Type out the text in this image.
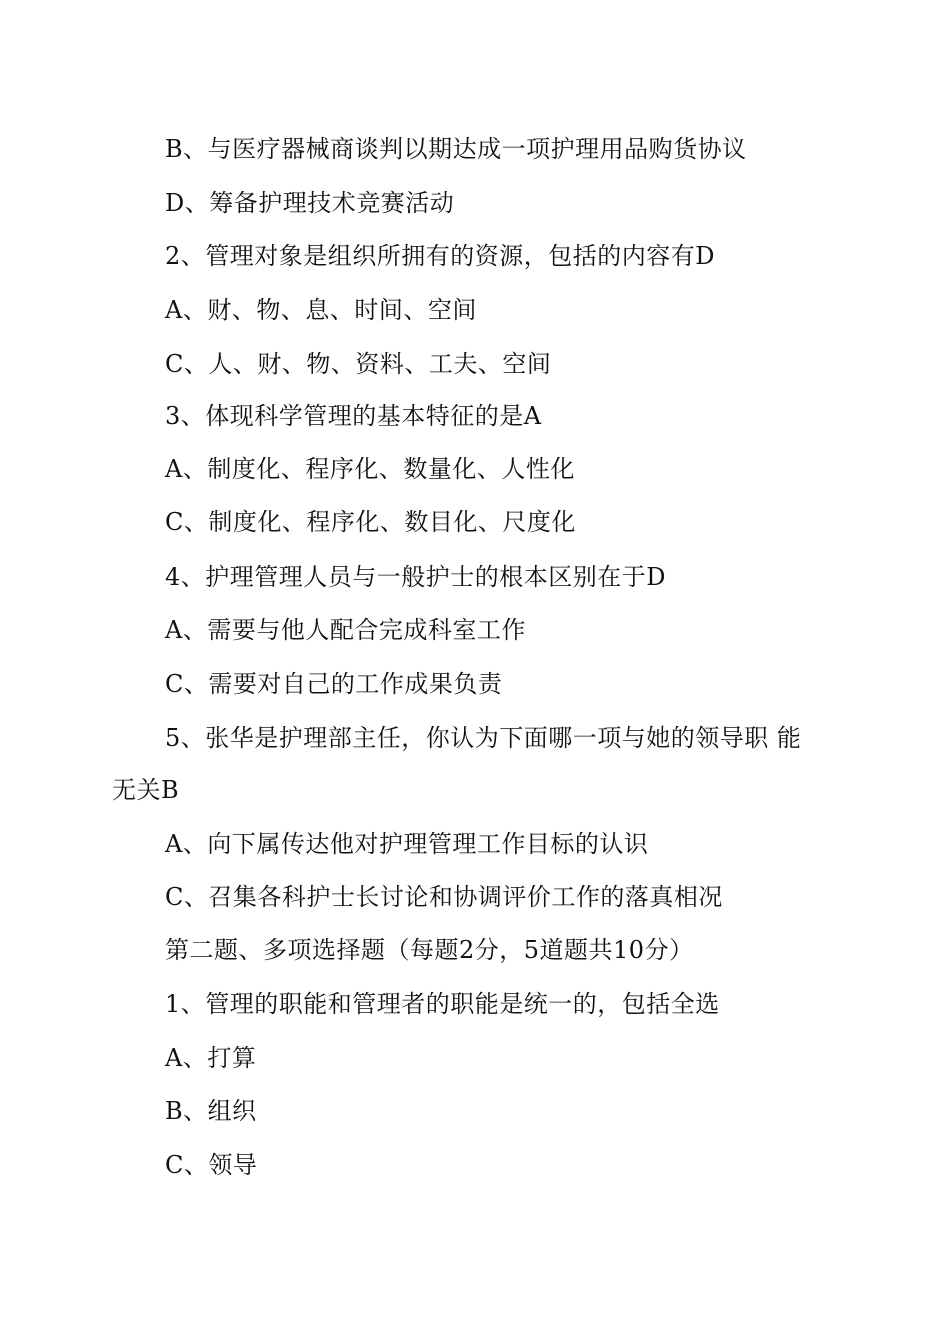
B、与医疗器械商谈判以期达成一项护理用品购货协议
D、筹备护理技术竞赛活动
2、管理对象是组织所拥有的资源，包括的内容有D
A、财、物、息、时间、空间
C、人、财、物、资料、工夫、空间
3、体现科学管理的基本特征的是A
A、制度化、程序化、数量化、人性化
C、制度化、程序化、数目化、尺度化
4、护理管理人员与一般护士的根本区别在于D
A、需要与他人配合完成科室工作
C、需要对自己的工作成果负责
5、张华是护理部主任，你认为下面哪一项与她的领导职 能
无关B
A、向下属传达他对护理管理工作目标的认识
C、召集各科护士长讨论和协调评价工作的落真相况
第二题、多项选择题（每题2分，5道题共10分）
1、管理的职能和管理者的职能是统一的，包括全选
A、打算
B、组织
C、领导
